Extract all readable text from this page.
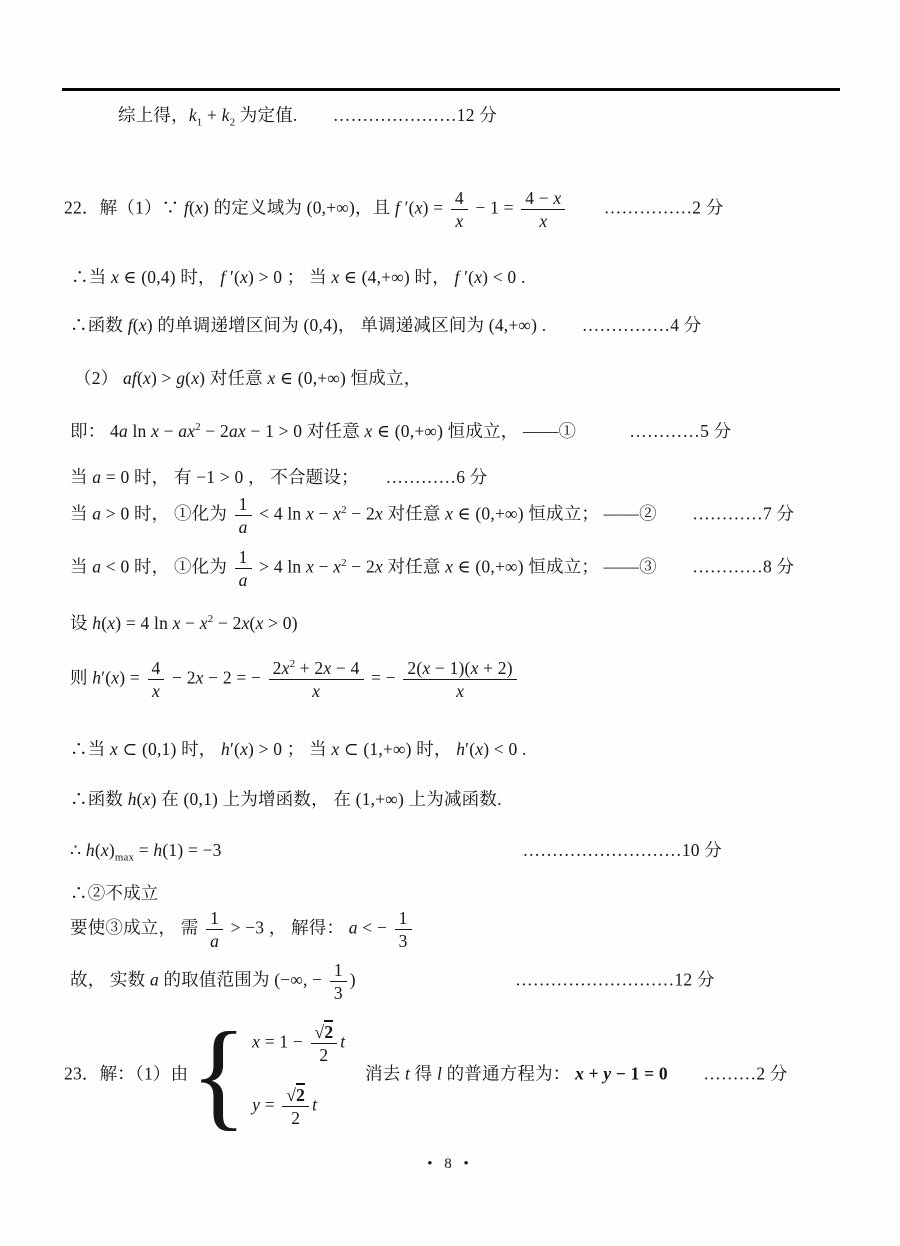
综上得，$k_1 + k_2$ 为定值.　　 …………………12 分
22．解（1）∵ f(x) 的定义域为 (0,+∞)，且 f $'(x) = \frac{4}{x} - 1 = \frac{4 - x}{x}$
　　 ……………2 分
∴当 x ∈ (0,4) 时， f ′(x) > 0 ； 当 x ∈ (4,+∞) 时， f ′(x) < 0 .
∴函数 f(x) 的单调递增区间为 (0,4)， 单调递减区间为 (4,+∞) .　　 ……………4 分
（2） af(x) > g(x) 对任意 x ∈ (0,+∞) 恒成立，
即： 4a $\ln x - ax^2 - 2ax - 1 > 0$ 对任意 x ∈ (0,+∞) 恒成立， ——①　　　	…………5 分
当 a = 0 时， 有 −1 > 0 ， 不合题设；　　 …………6 分
当 a > 0 时， ①化为 $\frac{1}{a} < 4$ $\ln x - x^2 - 2x$ 对任意 x ∈ (0,+∞) 恒成立； ——②　　 …………7 分
当 a < 0 时， ①化为 $\frac{1}{a} > 4$ $\ln x - x^2 - 2x$ 对任意 x ∈ (0,+∞) 恒成立； ——③　　 …………8 分
设 h(x) = 4 $\ln x - x^2 - 2x(x > 0)$
则 $h'(x) = \frac{4}{x} - 2x - 2$ = − $\frac{2x^2 + 2x - 4}{x}$ = − $\frac{2(x - 1)(x + 2)}{x}$
∴当 x ⊂ (0,1) 时， h′(x) > 0 ； 当 x ⊂ (1,+∞) 时， h′(x) < 0 .
∴函数 h(x) 在 (0,1) 上为增函数， 在 (1,+∞) 上为减函数.
∴ $h(x)_{max} = h(1) = -3$　　　　　　　　　　　　　　　　　	………………………10 分
∴②不成立
要使③成立， 需 $\frac{1}{a} > -3$ ， 解得： a < − $\frac{1}{3}$
故， 实数 a 的取值范围为 (−∞, − $\frac{1}{3}$ )　　　　　　　　　	………………………12 分
23．解：（1）由 { $x = 1 - \frac{√2}{2}$ t
$y = \frac{√2}{2}$ t
　消去 t 得 l 的普通方程为： x + y − 1 = 0　　 ………2 分
• 8 •
